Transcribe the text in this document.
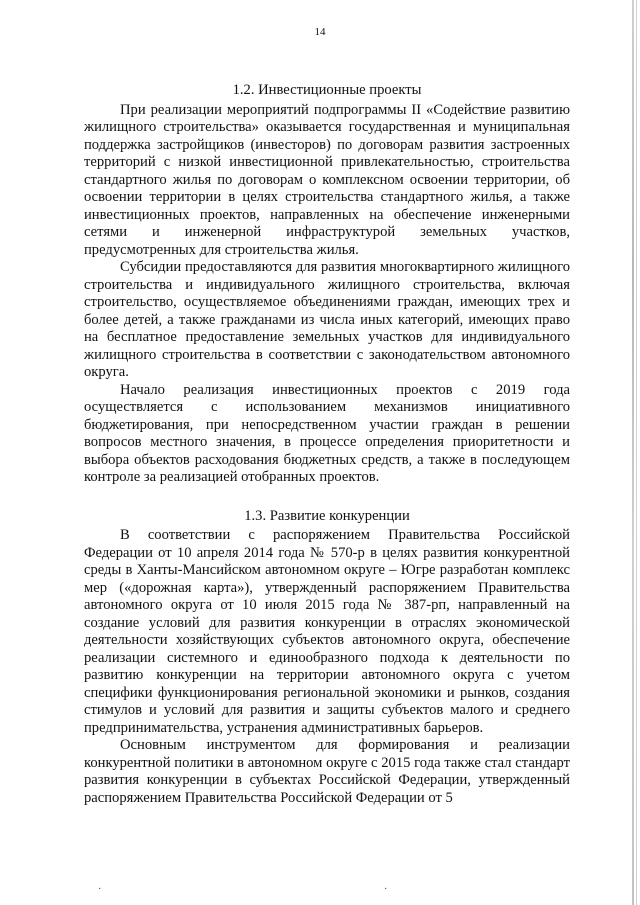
14
1.2. Инвестиционные проекты

При реализации мероприятий подпрограммы II «Содействие развитию жилищного строительства» оказывается государственная и муниципальная поддержка застройщиков (инвесторов) по договорам развития застроенных территорий с низкой инвестиционной привлекательностью, строительства стандартного жилья по договорам о комплексном освоении территории, об освоении территории в целях строительства стандартного жилья, а также инвестиционных проектов, направленных на обеспечение инженерными сетями и инженерной инфраструктурой земельных участков, предусмотренных для строительства жилья.

Субсидии предоставляются для развития многоквартирного жилищного строительства и индивидуального жилищного строительства, включая строительство, осуществляемое объединениями граждан, имеющих трех и более детей, а также гражданами из числа иных категорий, имеющих право на бесплатное предоставление земельных участков для индивидуального жилищного строительства в соответствии с законодательством автономного округа.

Начало реализация инвестиционных проектов с 2019 года осуществляется с использованием механизмов инициативного бюджетирования, при непосредственном участии граждан в решении вопросов местного значения, в процессе определения приоритетности и выбора объектов расходования бюджетных средств, а также в последующем контроле за реализацией отобранных проектов.

1.3. Развитие конкуренции

В соответствии с распоряжением Правительства Российской Федерации от 10 апреля 2014 года № 570-р в целях развития конкурентной среды в Ханты-Мансийском автономном округе – Югре разработан комплекс мер («дорожная карта»), утвержденный распоряжением Правительства автономного округа от 10 июля 2015 года № 387-рп, направленный на создание условий для развития конкуренции в отраслях экономической деятельности хозяйствующих субъектов автономного округа, обеспечение реализации системного и единообразного подхода к деятельности по развитию конкуренции на территории автономного округа с учетом специфики функционирования региональной экономики и рынков, создания стимулов и условий для развития и защиты субъектов малого и среднего предпринимательства, устранения административных барьеров.

Основным инструментом для формирования и реализации конкурентной политики в автономном округе с 2015 года также стал стандарт развития конкуренции в субъектах Российской Федерации, утвержденный распоряжением Правительства Российской Федерации от 5

·	·
